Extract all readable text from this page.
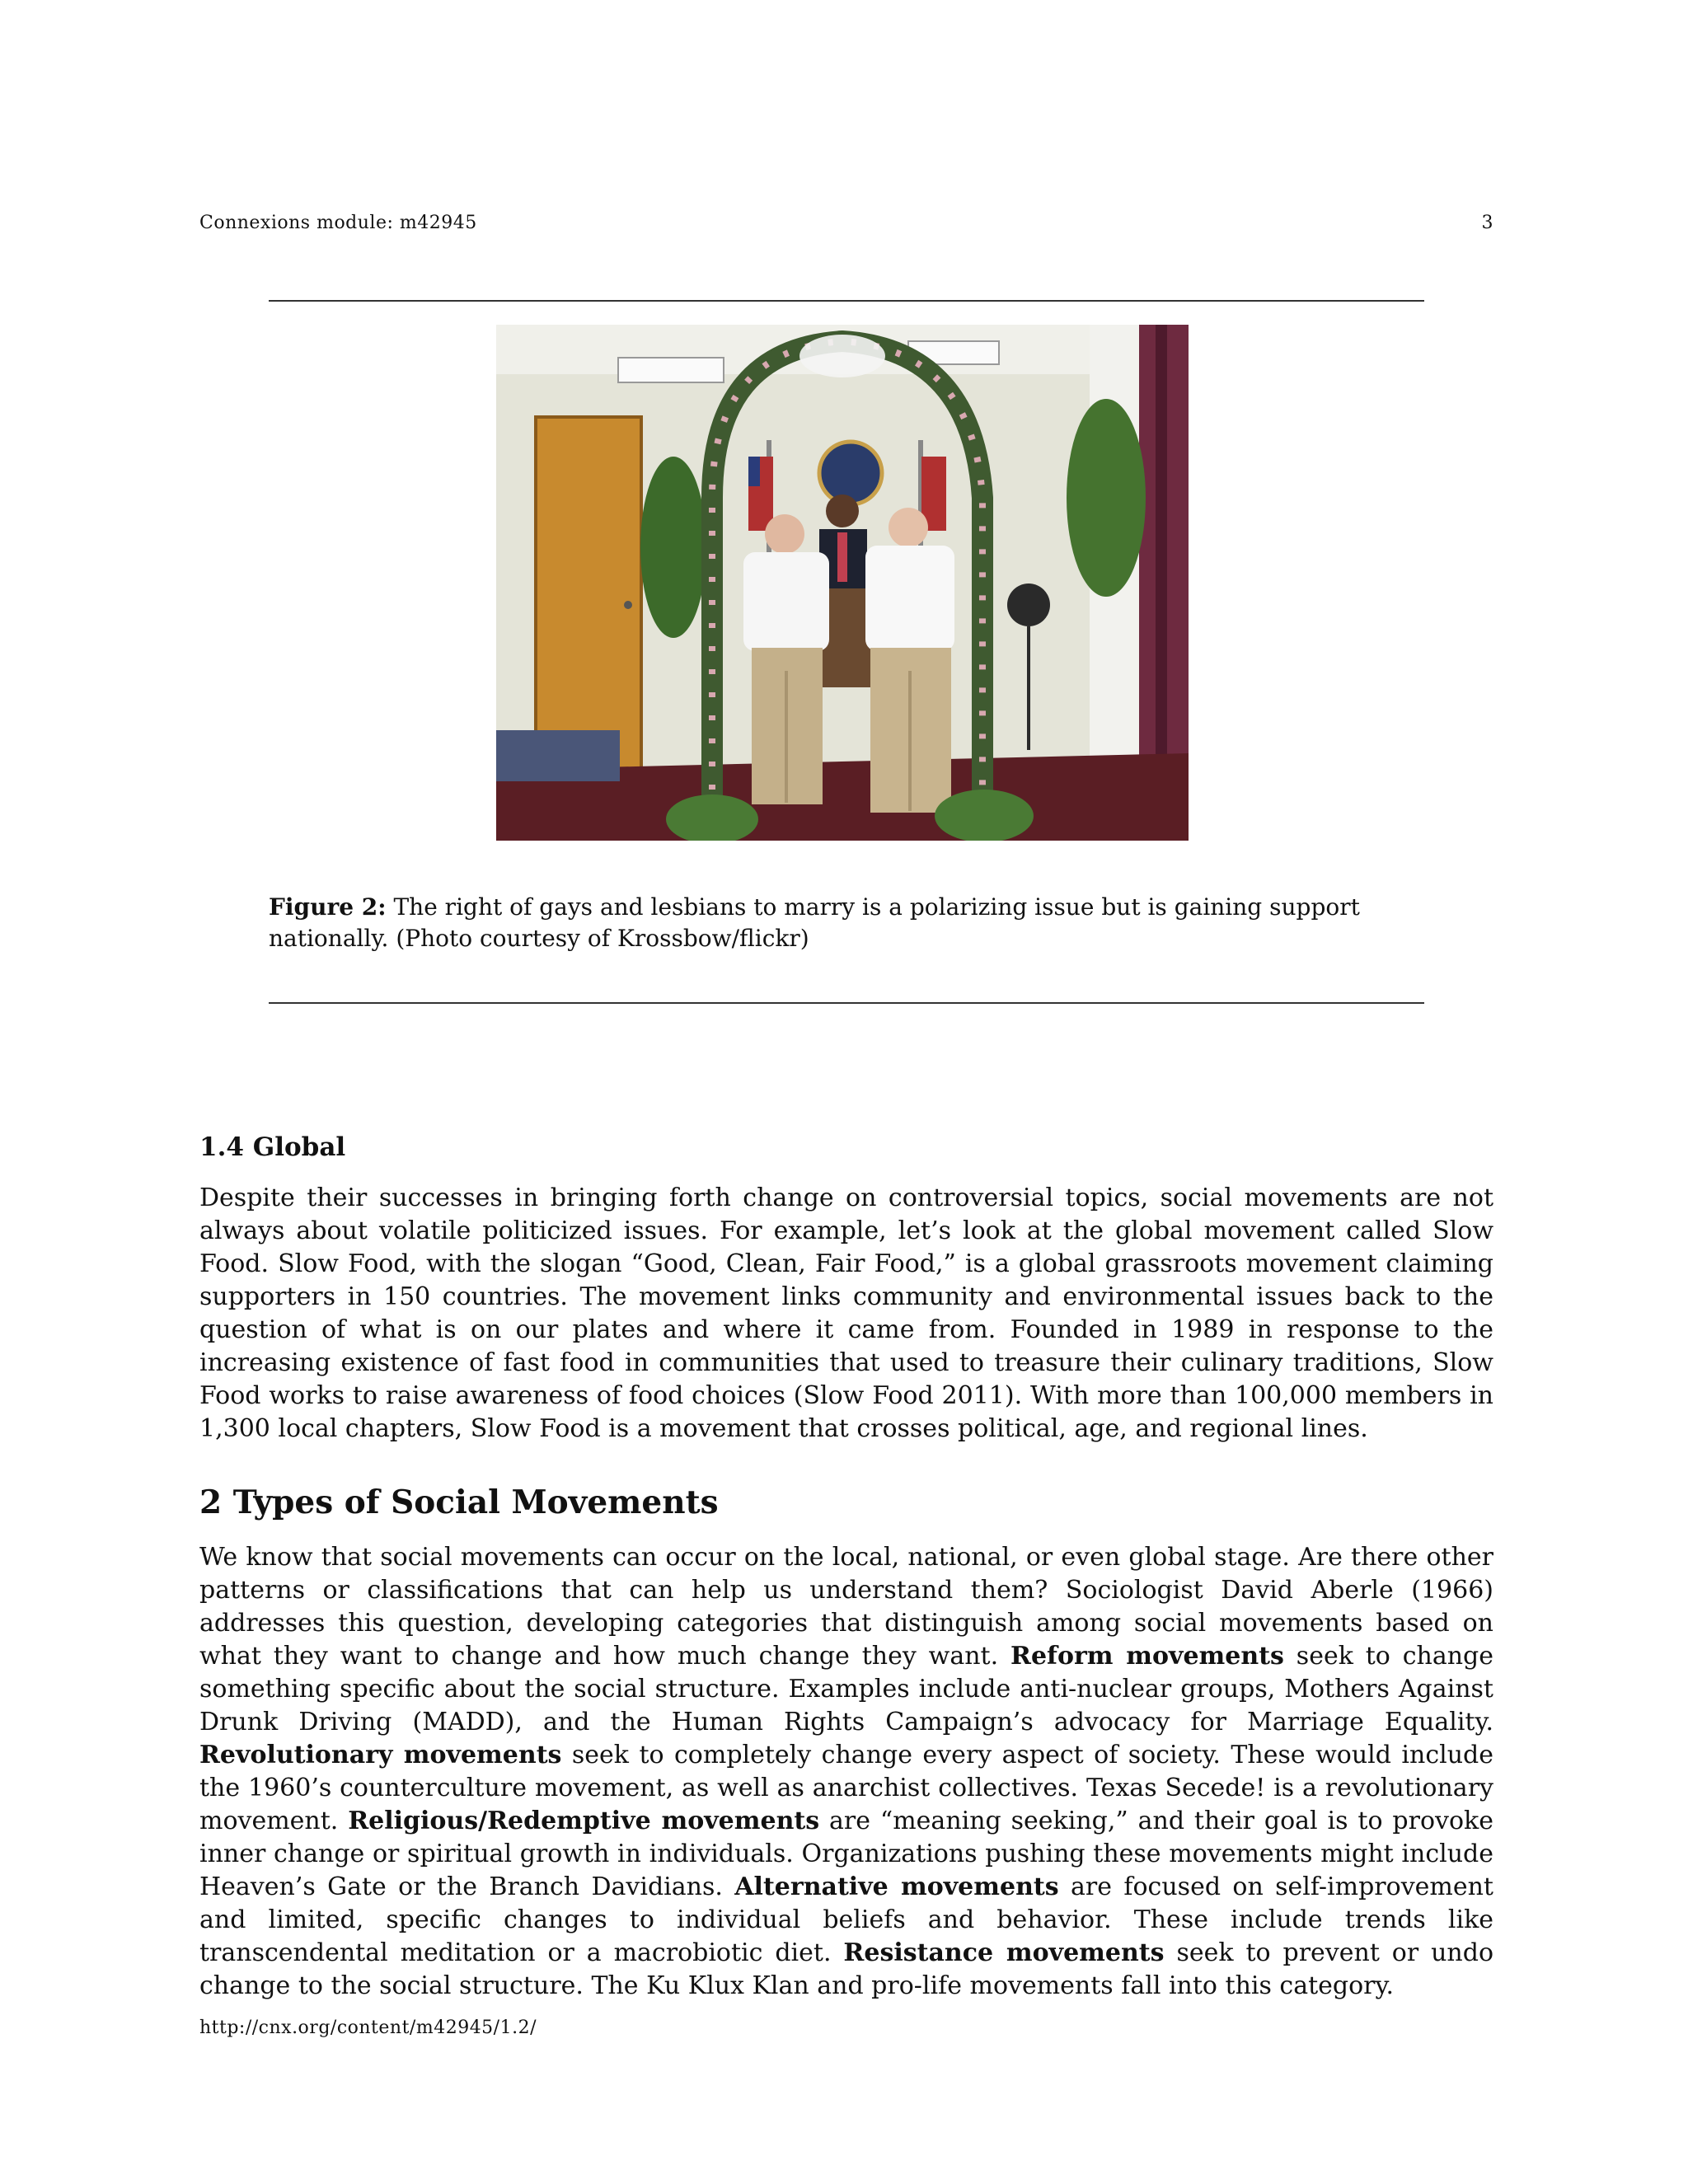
Connexions module: m42945	3
Figure 2: The right of gays and lesbians to marry is a polarizing issue but is gaining support nationally. (Photo courtesy of Krossbow/flickr)
1.4 Global
Despite their successes in bringing forth change on controversial topics, social movements are not always about volatile politicized issues. For example, let’s look at the global movement called Slow Food. Slow Food, with the slogan “Good, Clean, Fair Food,” is a global grassroots movement claiming supporters in 150 countries. The movement links community and environmental issues back to the question of what is on our plates and where it came from. Founded in 1989 in response to the increasing existence of fast food in communities that used to treasure their culinary traditions, Slow Food works to raise awareness of food choices (Slow Food 2011). With more than 100,000 members in 1,300 local chapters, Slow Food is a movement that crosses political, age, and regional lines.
2 Types of Social Movements
We know that social movements can occur on the local, national, or even global stage. Are there other patterns or classifications that can help us understand them? Sociologist David Aberle (1966) addresses this question, developing categories that distinguish among social movements based on what they want to change and how much change they want. Reform movements seek to change something specific about the social structure. Examples include anti-nuclear groups, Mothers Against Drunk Driving (MADD), and the Human Rights Campaign’s advocacy for Marriage Equality. Revolutionary movements seek to completely change every aspect of society. These would include the 1960’s counterculture movement, as well as anarchist collectives. Texas Secede! is a revolutionary movement. Religious/Redemptive movements are “meaning seeking,” and their goal is to provoke inner change or spiritual growth in individuals. Organizations pushing these movements might include Heaven’s Gate or the Branch Davidians. Alternative movements are focused on self-improvement and limited, specific changes to individual beliefs and behavior. These include trends like transcendental meditation or a macrobiotic diet. Resistance movements seek to prevent or undo change to the social structure. The Ku Klux Klan and pro-life movements fall into this category.
http://cnx.org/content/m42945/1.2/
